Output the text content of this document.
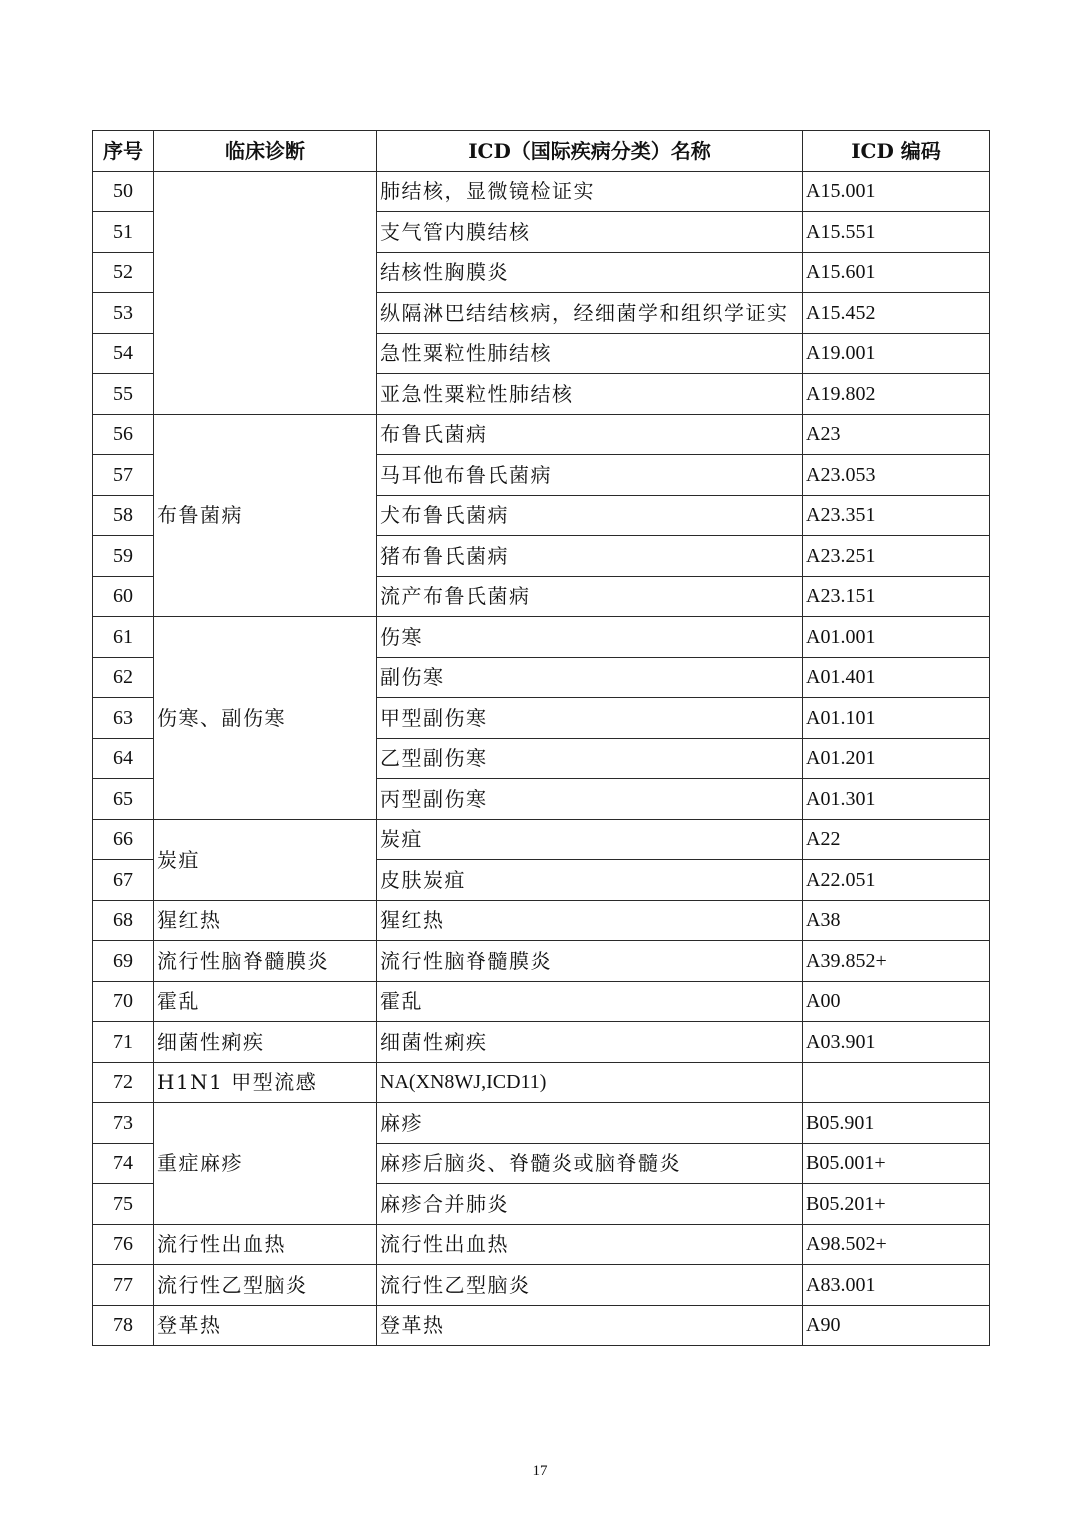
序号	临床诊断	ICD（国际疾病分类）名称	ICD 编码
50		肺结核，显微镜检证实	A15.001
51		支气管内膜结核	A15.551
52		结核性胸膜炎	A15.601
53		纵隔淋巴结结核病，经细菌学和组织学证实	A15.452
54		急性粟粒性肺结核	A19.001
55		亚急性粟粒性肺结核	A19.802
56	布鲁菌病	布鲁氏菌病	A23
57		马耳他布鲁氏菌病	A23.053
58		犬布鲁氏菌病	A23.351
59		猪布鲁氏菌病	A23.251
60		流产布鲁氏菌病	A23.151
61	伤寒、副伤寒	伤寒	A01.001
62		副伤寒	A01.401
63		甲型副伤寒	A01.101
64		乙型副伤寒	A01.201
65		丙型副伤寒	A01.301
66	炭疽	炭疽	A22
67		皮肤炭疽	A22.051
68	猩红热	猩红热	A38
69	流行性脑脊髓膜炎	流行性脑脊髓膜炎	A39.852+
70	霍乱	霍乱	A00
71	细菌性痢疾	细菌性痢疾	A03.901
72	H1N1 甲型流感	NA(XN8WJ,ICD11)	
73	重症麻疹	麻疹	B05.901
74		麻疹后脑炎、脊髓炎或脑脊髓炎	B05.001+
75		麻疹合并肺炎	B05.201+
76	流行性出血热	流行性出血热	A98.502+
77	流行性乙型脑炎	流行性乙型脑炎	A83.001
78	登革热	登革热	A90
17
